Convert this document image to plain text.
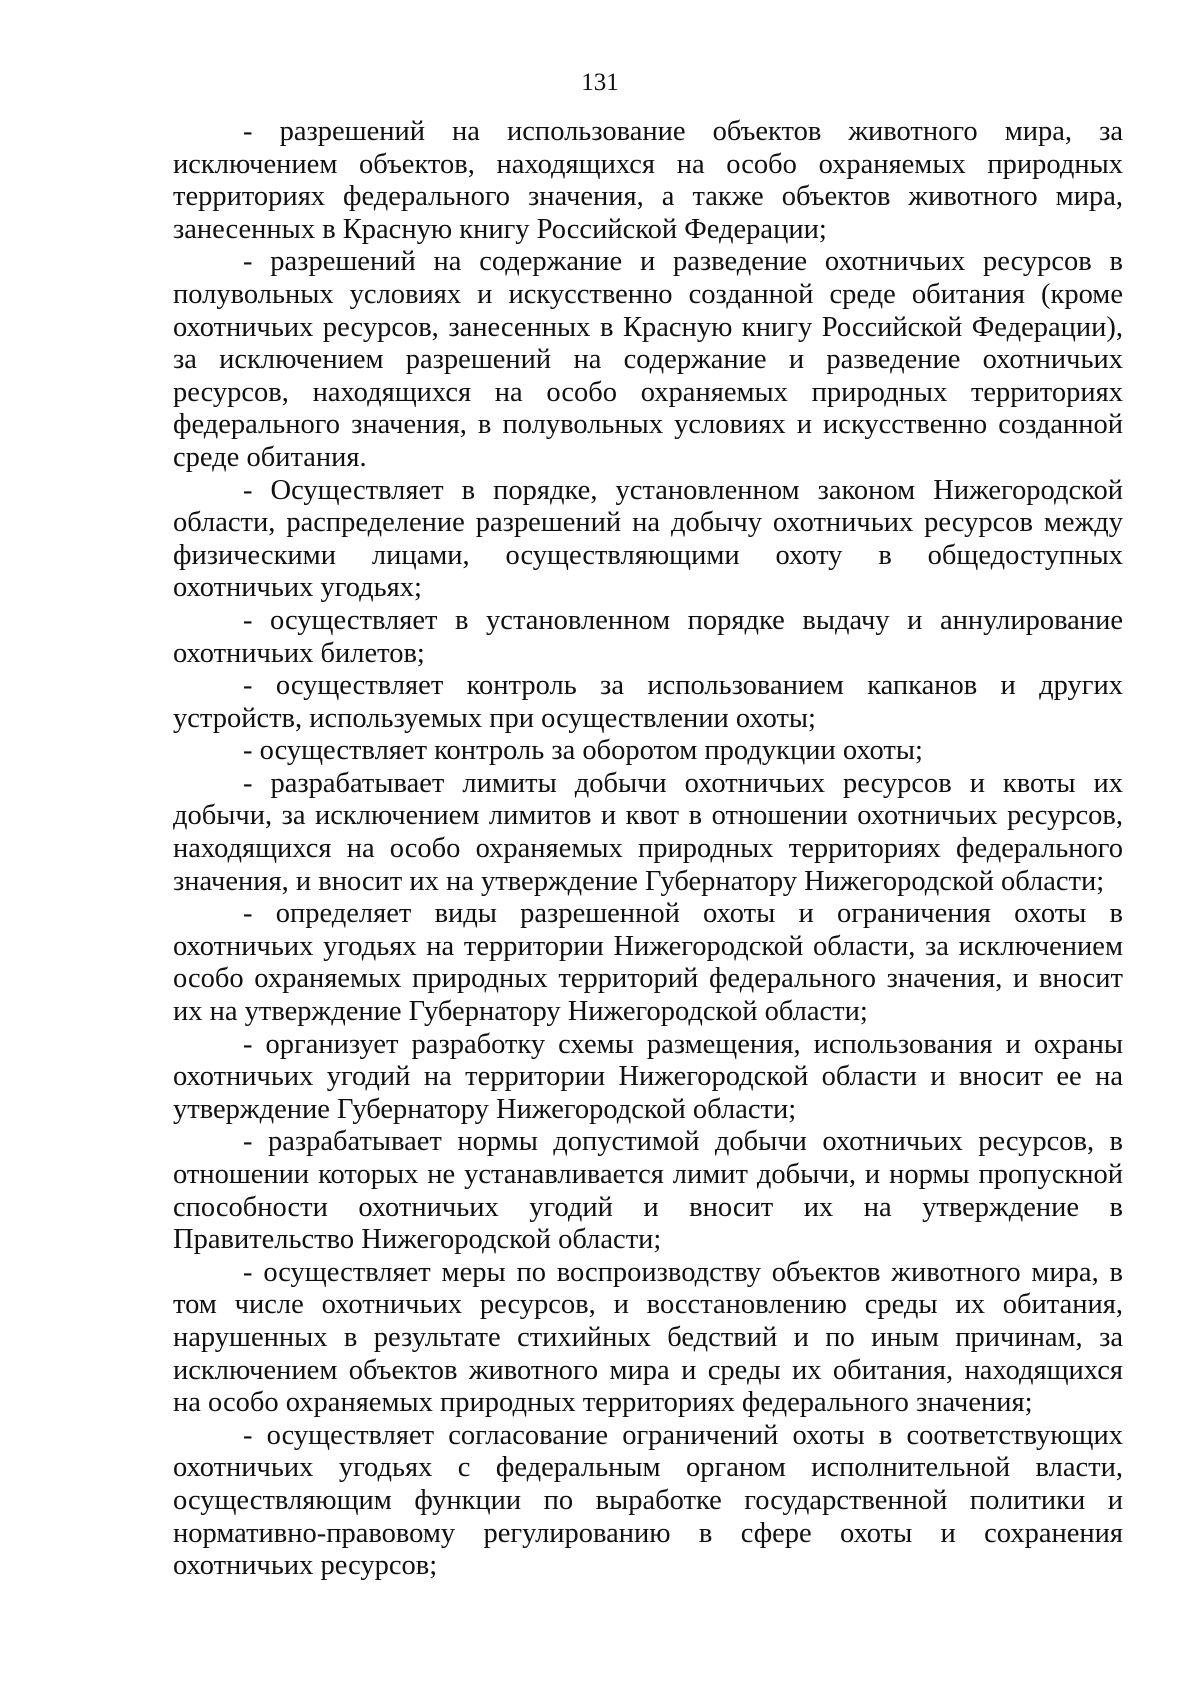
131

- разрешений на использование объектов животного мира, за исключением объектов, находящихся на особо охраняемых природных территориях федерального значения, а также объектов животного мира, занесенных в Красную книгу Российской Федерации;

- разрешений на содержание и разведение охотничьих ресурсов в полувольных условиях и искусственно созданной среде обитания (кроме охотничьих ресурсов, занесенных в Красную книгу Российской Федерации), за исключением разрешений на содержание и разведение охотничьих ресурсов, находящихся на особо охраняемых природных территориях федерального значения, в полувольных условиях и искусственно созданной среде обитания.

- Осуществляет в порядке, установленном законом Нижегородской области, распределение разрешений на добычу охотничьих ресурсов между физическими лицами, осуществляющими охоту в общедоступных охотничьих угодьях;

- осуществляет в установленном порядке выдачу и аннулирование охотничьих билетов;

- осуществляет контроль за использованием капканов и других устройств, используемых при осуществлении охоты;

- осуществляет контроль за оборотом продукции охоты;

- разрабатывает лимиты добычи охотничьих ресурсов и квоты их добычи, за исключением лимитов и квот в отношении охотничьих ресурсов, находящихся на особо охраняемых природных территориях федерального значения, и вносит их на утверждение Губернатору Нижегородской области;

- определяет виды разрешенной охоты и ограничения охоты в охотничьих угодьях на территории Нижегородской области, за исключением особо охраняемых природных территорий федерального значения, и вносит их на утверждение Губернатору Нижегородской области;

- организует разработку схемы размещения, использования и охраны охотничьих угодий на территории Нижегородской области и вносит ее на утверждение Губернатору Нижегородской области;

- разрабатывает нормы допустимой добычи охотничьих ресурсов, в отношении которых не устанавливается лимит добычи, и нормы пропускной способности охотничьих угодий и вносит их на утверждение в Правительство Нижегородской области;

- осуществляет меры по воспроизводству объектов животного мира, в том числе охотничьих ресурсов, и восстановлению среды их обитания, нарушенных в результате стихийных бедствий и по иным причинам, за исключением объектов животного мира и среды их обитания, находящихся на особо охраняемых природных территориях федерального значения;

- осуществляет согласование ограничений охоты в соответствующих охотничьих угодьях с федеральным органом исполнительной власти, осуществляющим функции по выработке государственной политики и нормативно-правовому регулированию в сфере охоты и сохранения охотничьих ресурсов;
